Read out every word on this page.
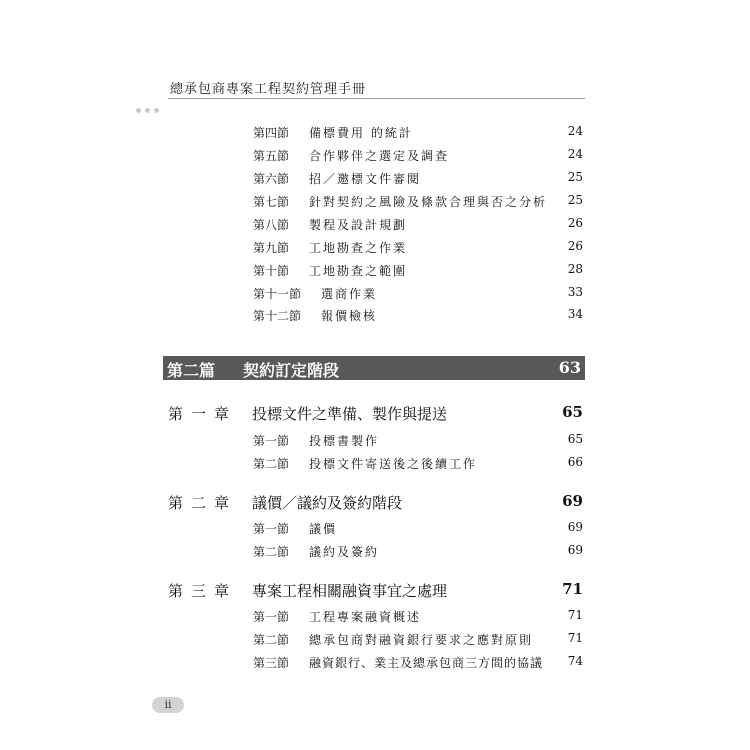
總承包商專案工程契約管理手冊
第四節 備標費用 的統計	24
第五節 合作夥伴之選定及調查	24
第六節 招／邀標文件審閱	25
第七節 針對契約之風險及條款合理與否之分析 25
第八節 製程及設計規劃	26
第九節 工地勘查之作業	26
第十節 工地勘查之範圍	28
第十一節 選商作業	33
第十二節 報價檢核	34
第二篇 契約訂定階段	63
第一章 投標文件之準備、製作與提送	65
第一節 投標書製作	65
第二節 投標文件寄送後之後續工作	66
第二章 議價／議約及簽約階段	69
第一節 議價	69
第二節 議約及簽約	69
第三章 專案工程相關融資事宜之處理	71
第一節 工程專案融資概述	71
第二節 總承包商對融資銀行要求之應對原則	71
第三節 融資銀行、業主及總承包商三方間的協議 74
ii
